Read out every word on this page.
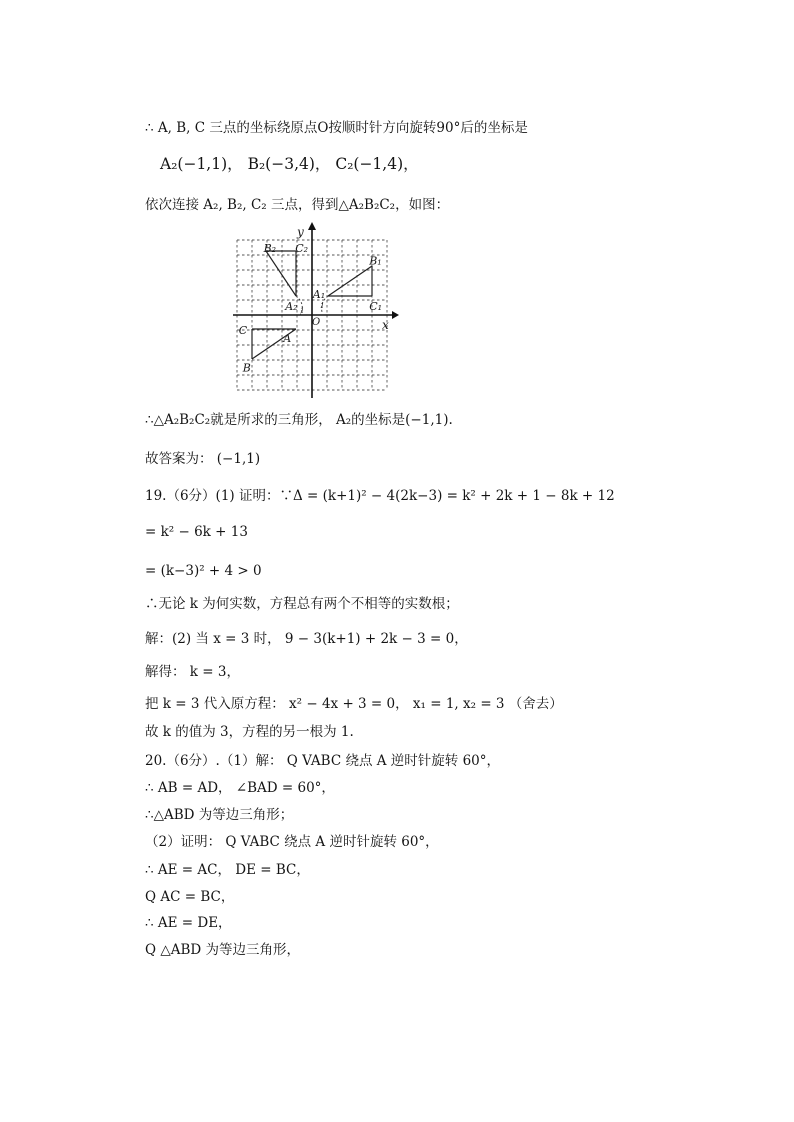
∴ A, B, C 三点的坐标绕原点O按顺时针方向旋转90°后的坐标是
A₂(−1,1)， B₂(−3,4)， C₂(−1,4)，
依次连接 A₂, B₂, C₂ 三点，得到△A₂B₂C₂，如图：
x
y
O
1
1
B₂ C₂
A₂
B₁
A₁
C₁
C
A
B
∴△A₂B₂C₂就是所求的三角形， A₂的坐标是(−1,1).
故答案为： (−1,1)
19.（6分）(1) 证明：∵Δ = (k+1)² − 4(2k−3) = k² + 2k + 1 − 8k + 12
= k² − 6k + 13
= (k−3)² + 4 > 0
∴无论 k 为何实数，方程总有两个不相等的实数根；
解：(2) 当 x = 3 时， 9 − 3(k+1) + 2k − 3 = 0，
解得： k = 3，
把 k = 3 代入原方程： x² − 4x + 3 = 0， x₁ = 1, x₂ = 3 （舍去）
故 k 的值为 3，方程的另一根为 1.
20.（6分）.（1）解： Q VABC 绕点 A 逆时针旋转 60°，
∴ AB = AD， ∠BAD = 60°，
∴△ABD 为等边三角形；
（2）证明： Q VABC 绕点 A 逆时针旋转 60°，
∴ AE = AC， DE = BC，
Q AC = BC，
∴ AE = DE，
Q △ABD 为等边三角形，
